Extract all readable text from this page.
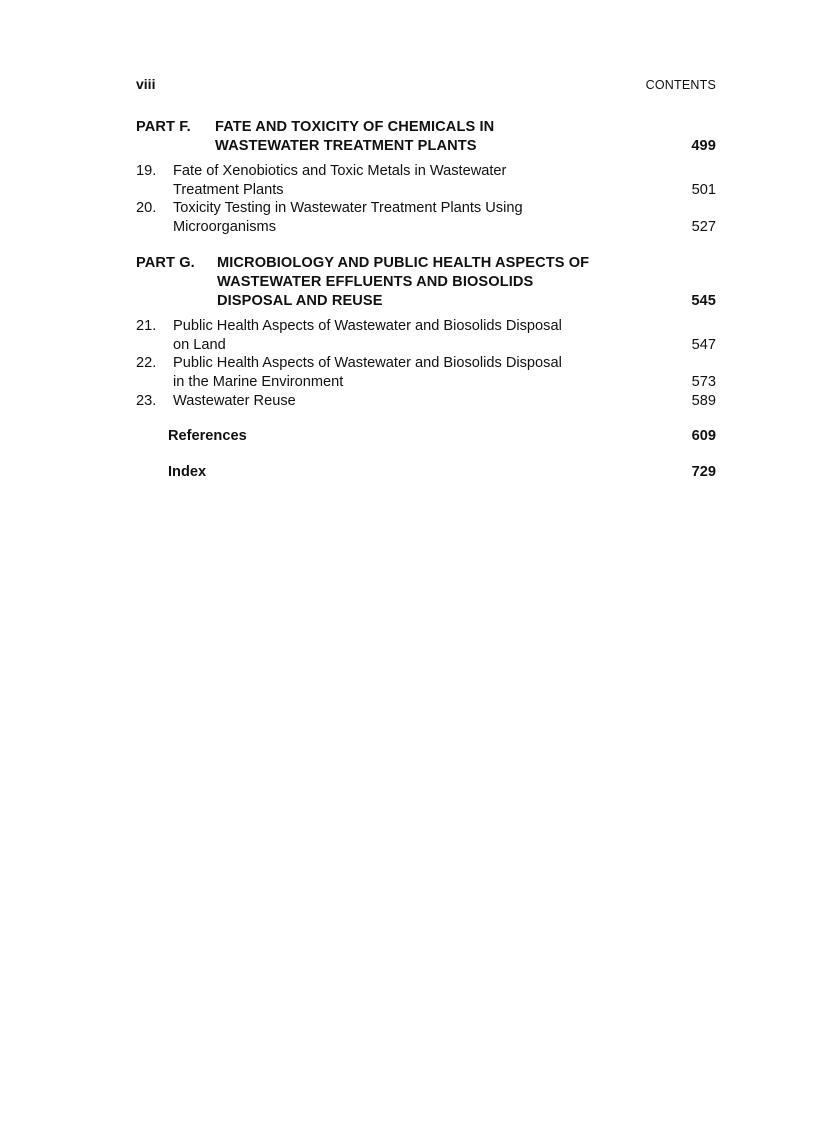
viii	CONTENTS
PART F.	FATE AND TOXICITY OF CHEMICALS IN
WASTEWATER TREATMENT PLANTS	499
19.	Fate of Xenobiotics and Toxic Metals in Wastewater
Treatment Plants	501
20.	Toxicity Testing in Wastewater Treatment Plants Using
Microorganisms	527
PART G.	MICROBIOLOGY AND PUBLIC HEALTH ASPECTS OF
WASTEWATER EFFLUENTS AND BIOSOLIDS
DISPOSAL AND REUSE	545
21.	Public Health Aspects of Wastewater and Biosolids Disposal
on Land	547
22.	Public Health Aspects of Wastewater and Biosolids Disposal
in the Marine Environment	573
23.	Wastewater Reuse	589
References	609
Index	729
